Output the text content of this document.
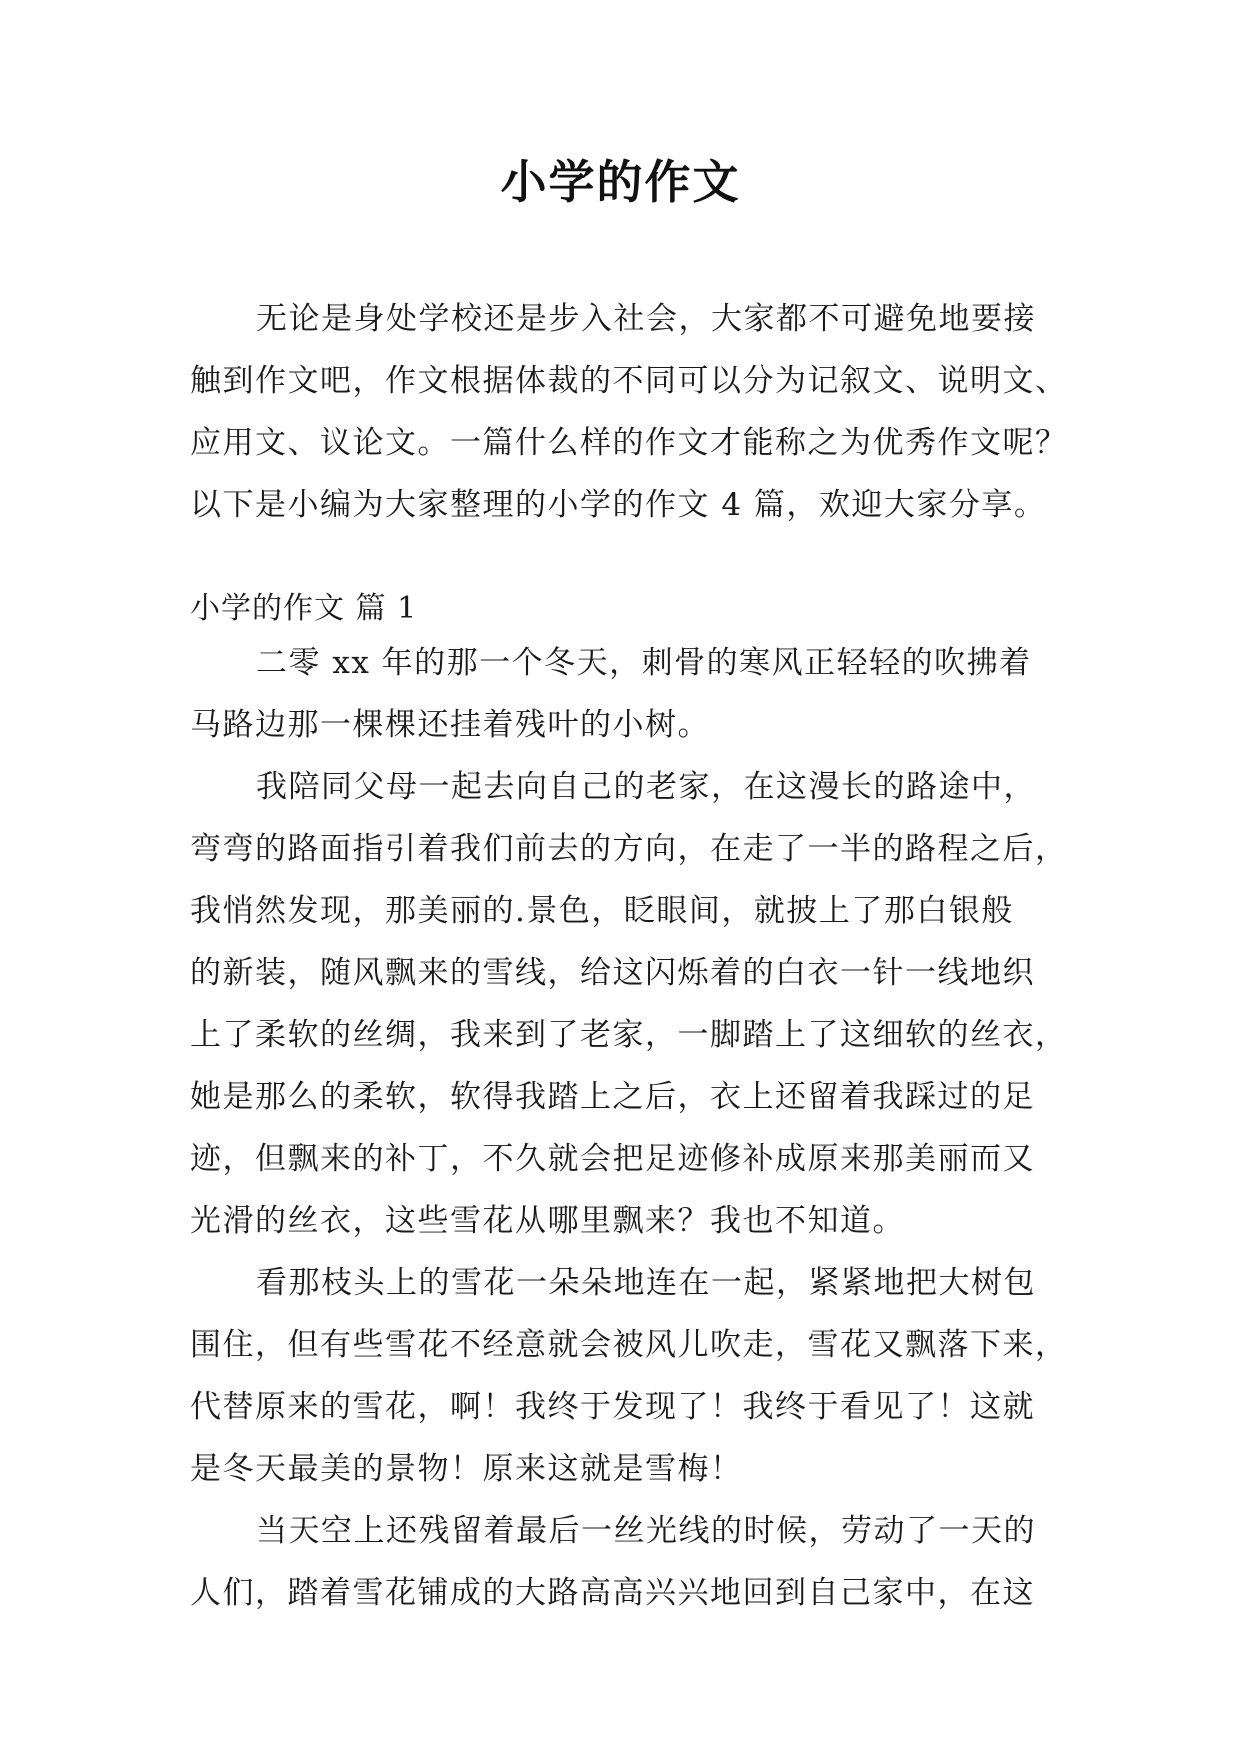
小学的作文
无论是身处学校还是步入社会，大家都不可避免地要接
触到作文吧，作文根据体裁的不同可以分为记叙文、说明文、
应用文、议论文。一篇什么样的作文才能称之为优秀作文呢？
以下是小编为大家整理的小学的作文 4 篇，欢迎大家分享。
小学的作文 篇 1
二零 xx 年的那一个冬天，刺骨的寒风正轻轻的吹拂着
马路边那一棵棵还挂着残叶的小树。
我陪同父母一起去向自己的老家，在这漫长的路途中，
弯弯的路面指引着我们前去的方向，在走了一半的路程之后，
我悄然发现，那美丽的.景色，眨眼间，就披上了那白银般
的新装，随风飘来的雪线，给这闪烁着的白衣一针一线地织
上了柔软的丝绸，我来到了老家，一脚踏上了这细软的丝衣，
她是那么的柔软，软得我踏上之后，衣上还留着我踩过的足
迹，但飘来的补丁，不久就会把足迹修补成原来那美丽而又
光滑的丝衣，这些雪花从哪里飘来？我也不知道。
看那枝头上的雪花一朵朵地连在一起，紧紧地把大树包
围住，但有些雪花不经意就会被风儿吹走，雪花又飘落下来，
代替原来的雪花，啊！我终于发现了！我终于看见了！这就
是冬天最美的景物！原来这就是雪梅！
当天空上还残留着最后一丝光线的时候，劳动了一天的
人们，踏着雪花铺成的大路高高兴兴地回到自己家中，在这
